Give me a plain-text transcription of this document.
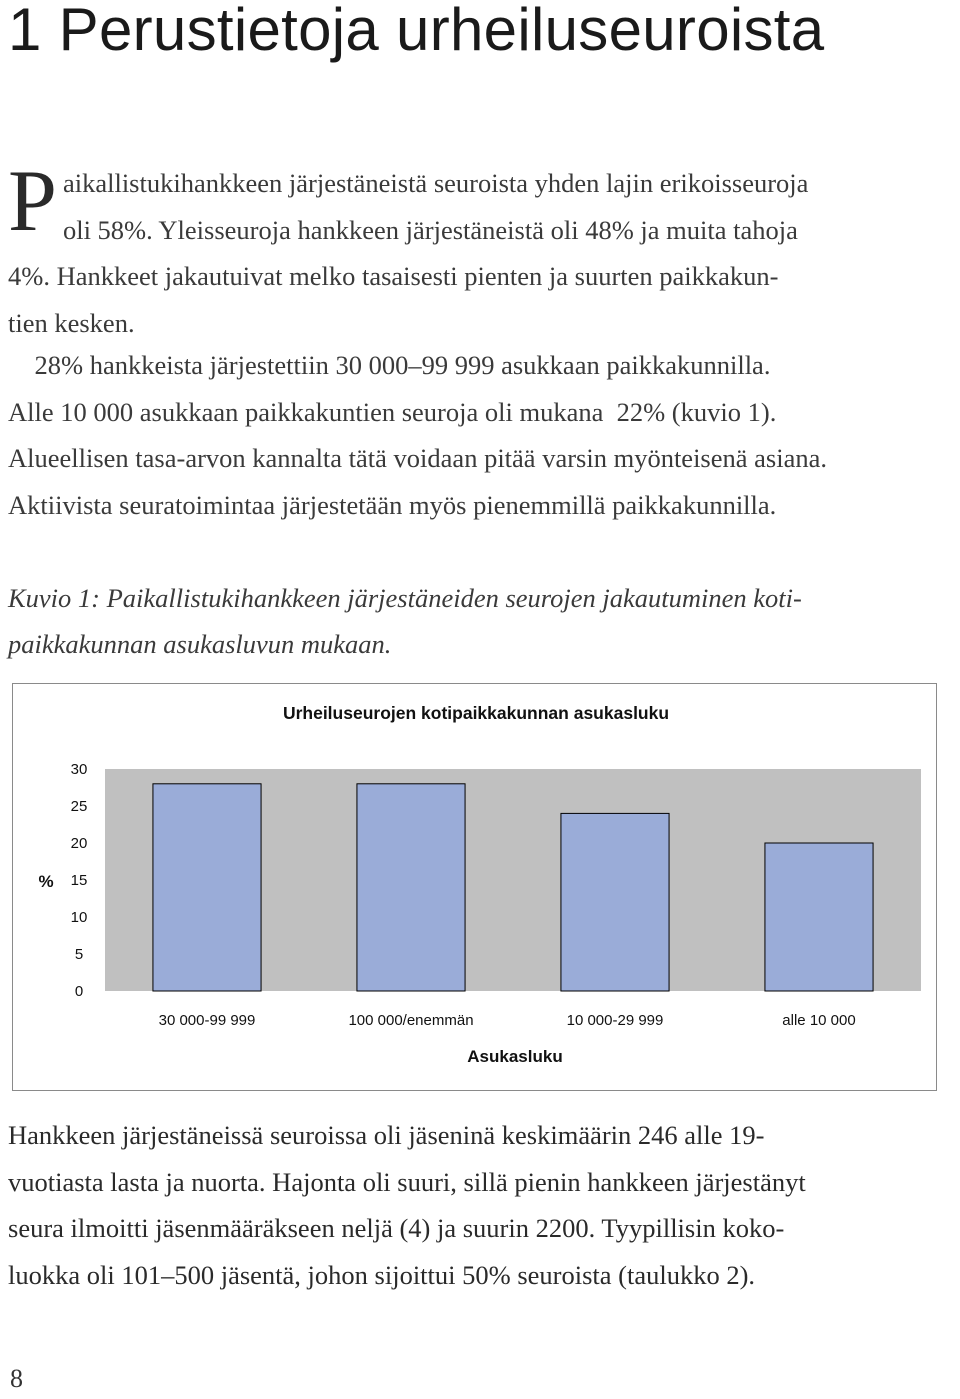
1 Perustietoja urheiluseuroista
P aikallistukihankkeen järjestäneistä seuroista yhden lajin erikoisseuroja
oli 58%. Yleisseuroja hankkeen järjestäneistä oli 48% ja muita tahoja
4%. Hankkeet jakautuivat melko tasaisesti pienten ja suurten paikkakun-
tien kesken.
28% hankkeista järjestettiin 30 000–99 999 asukkaan paikkakunnilla.
Alle 10 000 asukkaan paikkakuntien seuroja oli mukana  22% (kuvio 1).
Alueellisen tasa-arvon kannalta tätä voidaan pitää varsin myönteisenä asiana.
Aktiivista seuratoimintaa järjestetään myös pienemmillä paikkakunnilla.
Kuvio 1: Paikallistukihankkeen järjestäneiden seurojen jakautuminen koti-
paikkakunnan asukasluvun mukaan.
Urheiluseurojen kotipaikkakunnan asukasluku
0
5
10
15
20
25
30
30 000-99 999	100 000/enemmän	10 000-29 999	alle 10 000
%
Asukasluku
Hankkeen järjestäneissä seuroissa oli jäseninä keskimäärin 246 alle 19-
vuotiasta lasta ja nuorta. Hajonta oli suuri, sillä pienin hankkeen järjestänyt
seura ilmoitti jäsenmääräkseen neljä (4) ja suurin 2200. Tyypillisin koko-
luokka oli 101–500 jäsentä, johon sijoittui 50% seuroista (taulukko 2).

8
